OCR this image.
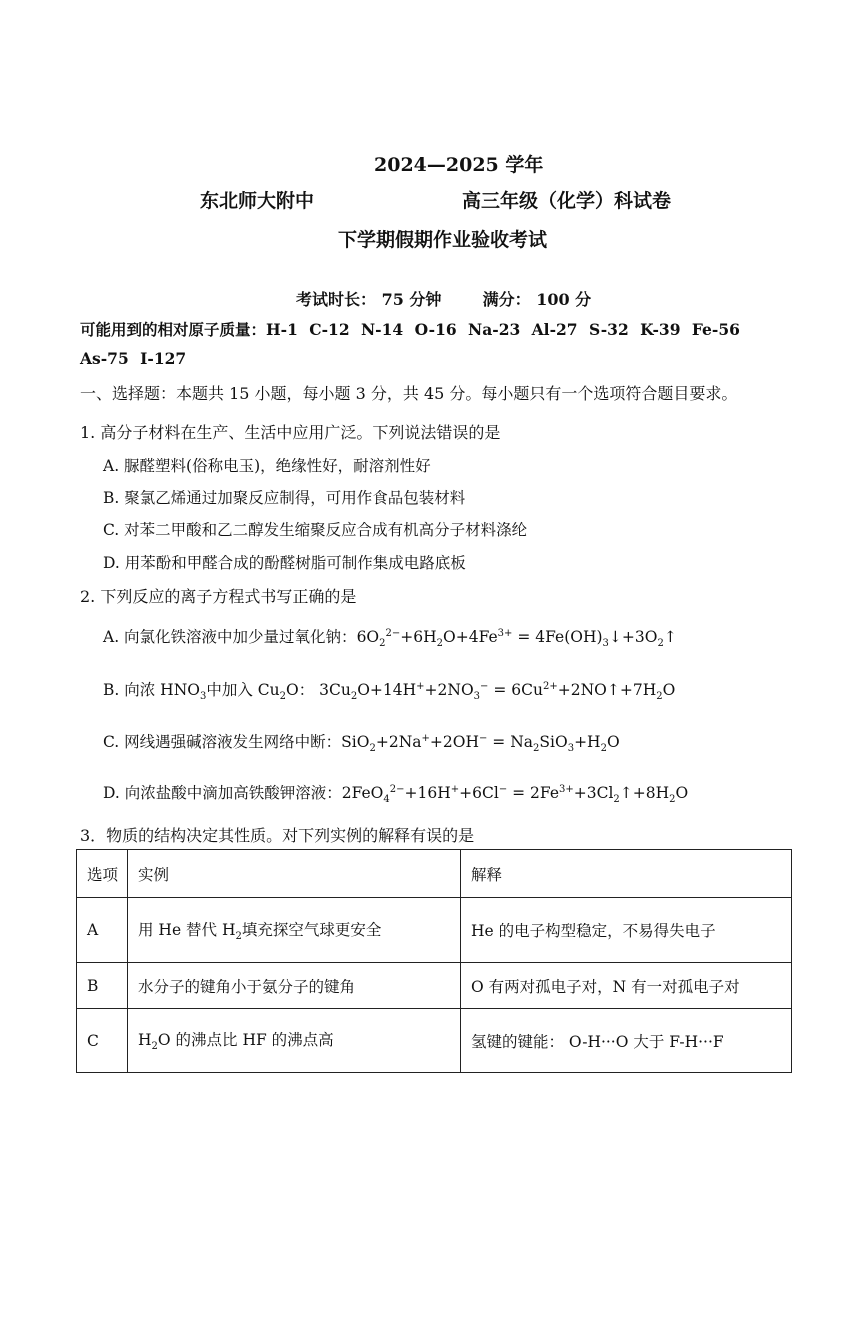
2024—2025 学年
东北师大附中	高三年级（化学）科试卷
下学期假期作业验收考试
考试时长： 75 分钟	满分： 100 分
可能用到的相对原子质量：H-1 C-12 N-14 O-16 Na-23 Al-27 S-32 K-39 Fe-56
As-75 I-127
一、选择题：本题共 15 小题，每小题 3 分，共 45 分。每小题只有一个选项符合题目要求。
1. 高分子材料在生产、生活中应用广泛。下列说法错误的是
A. 脲醛塑料(俗称电玉)，绝缘性好，耐溶剂性好
B. 聚氯乙烯通过加聚反应制得，可用作食品包装材料
C. 对苯二甲酸和乙二醇发生缩聚反应合成有机高分子材料涤纶
D. 用苯酚和甲醛合成的酚醛树脂可制作集成电路底板
2. 下列反应的离子方程式书写正确的是
A. 向氯化铁溶液中加少量过氧化钠：$6O_2^{2-}+6H_2O+4Fe^{3+}$ = $4Fe(OH)_3↓+3O_2↑$
B. 向浓 $HNO_3$中加入 $Cu_2O$： $3Cu_2O+14H^++2NO_3^-$ = $6Cu^{2+}+2NO↑+7H_2O$
C. 网线遇强碱溶液发生网络中断：$SiO_2+2Na^++2OH^- = Na_2SiO_3+H_2O$
D. 向浓盐酸中滴加高铁酸钾溶液：$2FeO_4^{2-}+16H^++6Cl^- = 2Fe^{3+}+3Cl_2↑+8H_2O$
3．物质的结构决定其性质。对下列实例的解释有误的是
选项	实例	解释
A	用 He 替代 $H_2$填充探空气球更安全	He 的电子构型稳定，不易得失电子
B	水分子的键角小于氨分子的键角	O 有两对孤电子对，N 有一对孤电子对
C	$H_2O$ 的沸点比 HF 的沸点高	氢键的键能： O-H···O 大于 F-H···F
